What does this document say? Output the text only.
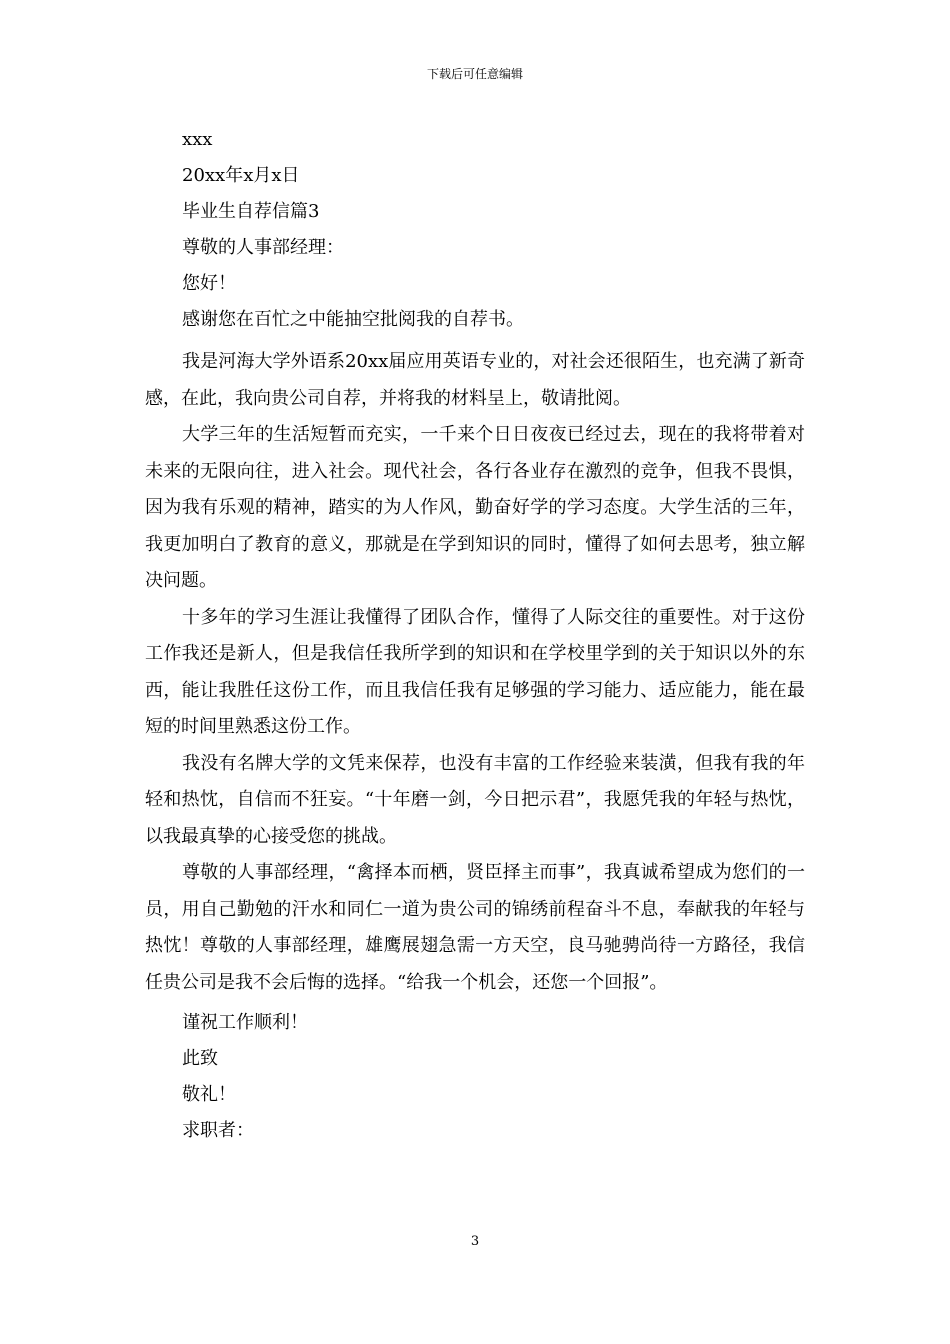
下载后可任意编辑
xxx
20xx年x月x日
毕业生自荐信篇3
尊敬的人事部经理：
您好！
感谢您在百忙之中能抽空批阅我的自荐书。

我是河海大学外语系20xx届应用英语专业的，对社会还很陌生，也充满了新奇感，在此，我向贵公司自荐，并将我的材料呈上，敬请批阅。

大学三年的生活短暂而充实，一千来个日日夜夜已经过去，现在的我将带着对未来的无限向往，进入社会。现代社会，各行各业存在激烈的竞争，但我不畏惧，因为我有乐观的精神，踏实的为人作风，勤奋好学的学习态度。大学生活的三年，我更加明白了教育的意义，那就是在学到知识的同时，懂得了如何去思考，独立解决问题。

十多年的学习生涯让我懂得了团队合作，懂得了人际交往的重要性。对于这份工作我还是新人，但是我信任我所学到的知识和在学校里学到的关于知识以外的东西，能让我胜任这份工作，而且我信任我有足够强的学习能力、适应能力，能在最短的时间里熟悉这份工作。

我没有名牌大学的文凭来保荐，也没有丰富的工作经验来装潢，但我有我的年轻和热忱，自信而不狂妄。“十年磨一剑，今日把示君”，我愿凭我的年轻与热忱，以我最真挚的心接受您的挑战。

尊敬的人事部经理，“禽择本而栖，贤臣择主而事”，我真诚希望成为您们的一员，用自己勤勉的汗水和同仁一道为贵公司的锦绣前程奋斗不息，奉献我的年轻与热忱！尊敬的人事部经理，雄鹰展翅急需一方天空，良马驰骋尚待一方路径，我信任贵公司是我不会后悔的选择。“给我一个机会，还您一个回报”。

谨祝工作顺利！
此致
敬礼！
求职者：
3
